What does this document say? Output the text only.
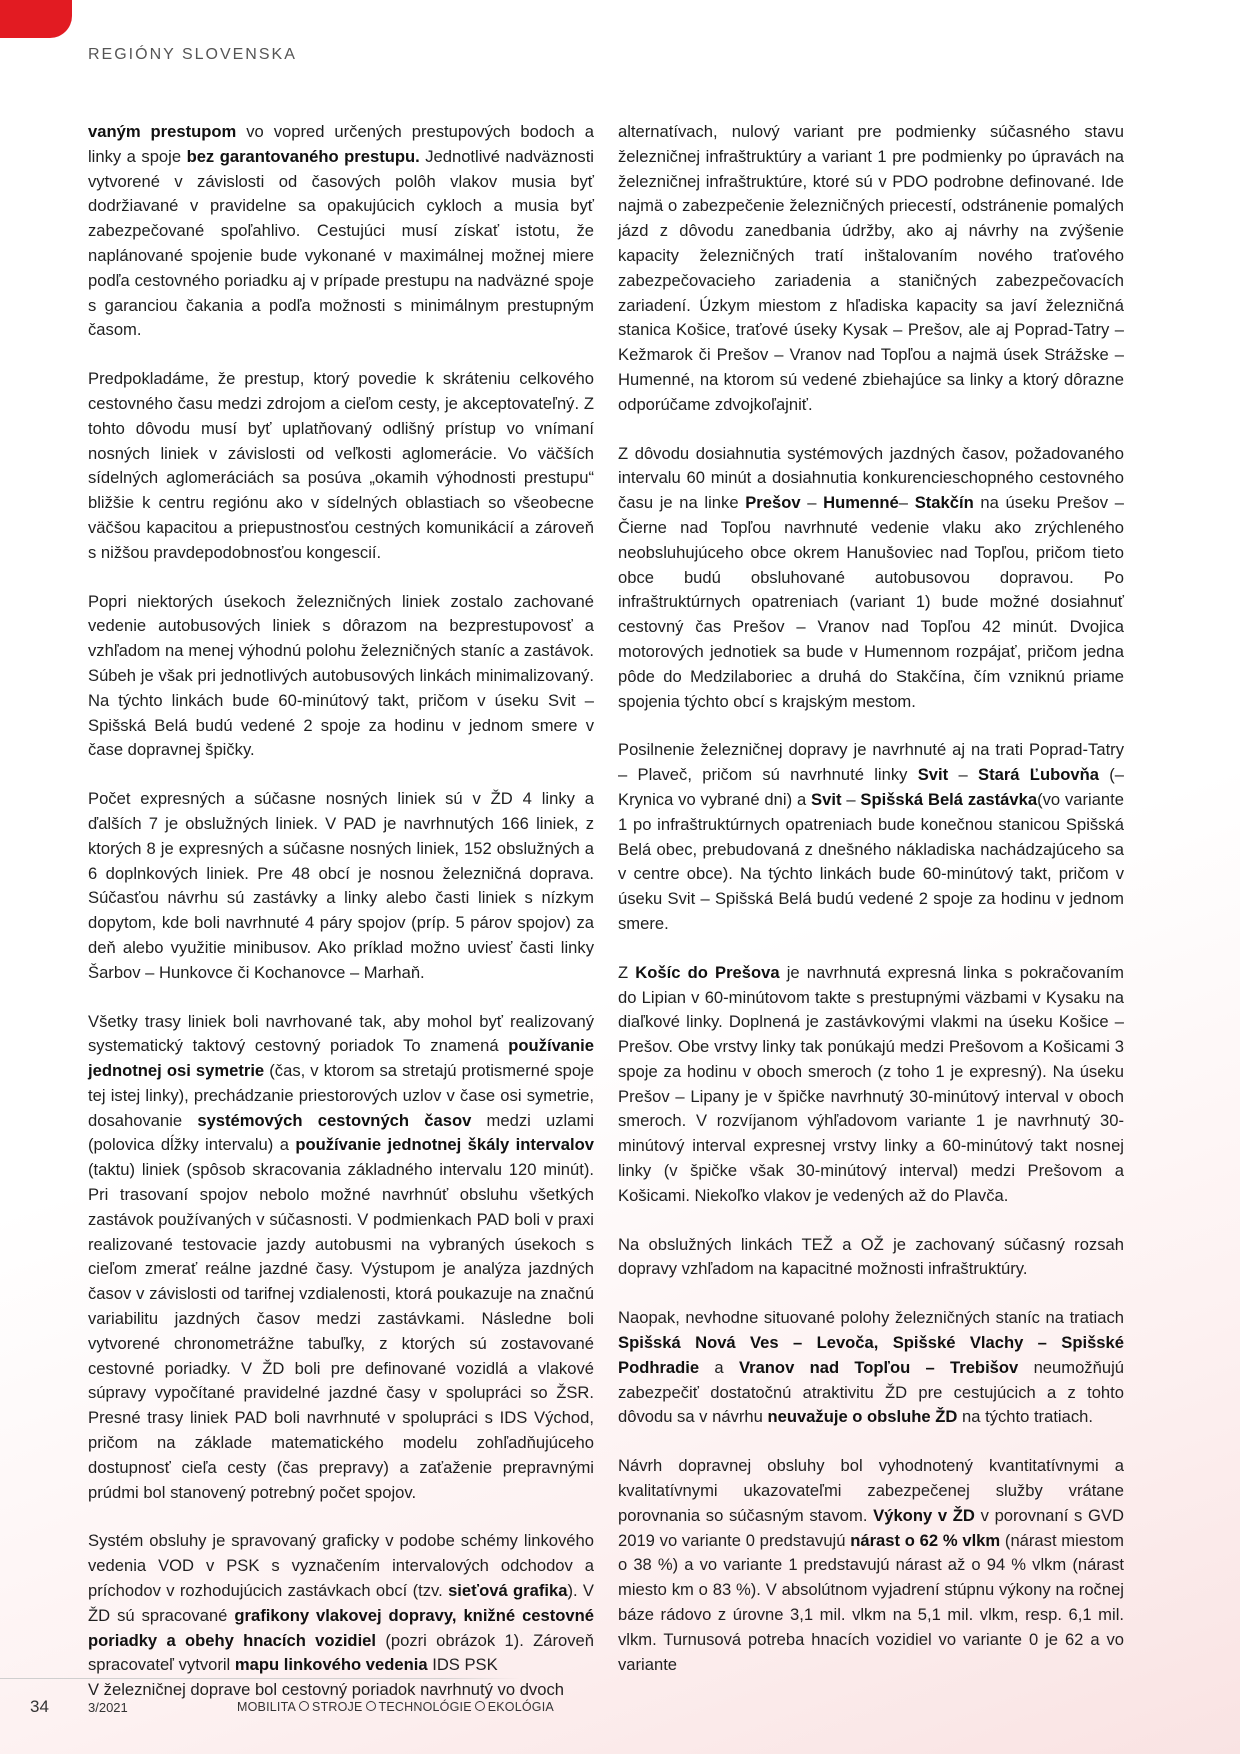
REGIÓNY SLOVENSKA

vaným prestupom vo vopred určených prestupových bodoch a linky a spoje bez garantovaného prestupu. Jednotlivé nadväznosti vytvorené v závislosti od časových polôh vlakov musia byť dodržiavané v pravidelne sa opakujúcich cykloch a musia byť zabezpečované spoľahlivo. Cestujúci musí získať istotu, že naplánované spojenie bude vykonané v maximálnej možnej miere podľa cestovného poriadku aj v prípade prestupu na nadväzné spoje s garanciou čakania a podľa možnosti s minimálnym prestupným časom.

Predpokladáme, že prestup, ktorý povedie k skráteniu celkového cestovného času medzi zdrojom a cieľom cesty, je akceptovateľný. Z tohto dôvodu musí byť uplatňovaný odlišný prístup vo vnímaní nosných liniek v závislosti od veľkosti aglomerácie. Vo väčších sídelných aglomeráciách sa posúva „okamih výhodnosti prestupu“ bližšie k centru regiónu ako v sídelných oblastiach so všeobecne väčšou kapacitou a priepustnosťou cestných komunikácií a zároveň s nižšou pravdepodobnosťou kongescií.

Popri niektorých úsekoch železničných liniek zostalo zachované vedenie autobusových liniek s dôrazom na bezprestupovosť a vzhľadom na menej výhodnú polohu železničných staníc a zastávok. Súbeh je však pri jednotlivých autobusových linkách minimalizovaný. Na týchto linkách bude 60-minútový takt, pričom v úseku Svit – Spišská Belá budú vedené 2 spoje za hodinu v jednom smere v čase dopravnej špičky.

Počet expresných a súčasne nosných liniek sú v ŽD 4 linky a ďalších 7 je obslužných liniek. V PAD je navrhnutých 166 liniek, z ktorých 8 je expresných a súčasne nosných liniek, 152 obslužných a 6 doplnkových liniek. Pre 48 obcí je nosnou železničná doprava. Súčasťou návrhu sú zastávky a linky alebo časti liniek s nízkym dopytom, kde boli navrhnuté 4 páry spojov (príp. 5 párov spojov) za deň alebo využitie minibusov. Ako príklad možno uviesť časti linky Šarbov – Hunkovce či Kochanovce – Marhaň.

Všetky trasy liniek boli navrhované tak, aby mohol byť realizovaný systematický taktový cestovný poriadok To znamená používanie jednotnej osi symetrie (čas, v ktorom sa stretajú protismerné spoje tej istej linky), prechádzanie priestorových uzlov v čase osi symetrie, dosahovanie systémových cestovných časov medzi uzlami (polovica dĺžky intervalu) a používanie jednotnej škály intervalov (taktu) liniek (spôsob skracovania základného intervalu 120 minút). Pri trasovaní spojov nebolo možné navrhnúť obsluhu všetkých zastávok používaných v súčasnosti. V podmienkach PAD boli v praxi realizované testovacie jazdy autobusmi na vybraných úsekoch s cieľom zmerať reálne jazdné časy. Výstupom je analýza jazdných časov v závislosti od tarifnej vzdialenosti, ktorá poukazuje na značnú variabilitu jazdných časov medzi zastávkami. Následne boli vytvorené chronometrážne tabuľky, z ktorých sú zostavované cestovné poriadky. V ŽD boli pre definované vozidlá a vlakové súpravy vypočítané pravidelné jazdné časy v spolupráci so ŽSR. Presné trasy liniek PAD boli navrhnuté v spolupráci s IDS Východ, pričom na základe matematického modelu zohľadňujúceho dostupnosť cieľa cesty (čas prepravy) a zaťaženie prepravnými prúdmi bol stanovený potrebný počet spojov.

Systém obsluhy je spravovaný graficky v podobe schémy linkového vedenia VOD v PSK s vyznačením intervalových odchodov a príchodov v rozhodujúcich zastávkach obcí (tzv. sieťová grafika). V ŽD sú spracované grafikony vlakovej dopravy, knižné cestovné poriadky a obehy hnacích vozidiel (pozri obrázok 1). Zároveň spracovateľ vytvoril mapu linkového vedenia IDS PSK

V železničnej doprave bol cestovný poriadok navrhnutý vo dvoch

alternatívach, nulový variant pre podmienky súčasného stavu železničnej infraštruktúry a variant 1 pre podmienky po úpravách na železničnej infraštruktúre, ktoré sú v PDO podrobne definované. Ide najmä o zabezpečenie železničných priecestí, odstránenie pomalých jázd z dôvodu zanedbania údržby, ako aj návrhy na zvýšenie kapacity železničných tratí inštalovaním nového traťového zabezpečovacieho zariadenia a staničných zabezpečovacích zariadení. Úzkym miestom z hľadiska kapacity sa javí železničná stanica Košice, traťové úseky Kysak – Prešov, ale aj Poprad-Tatry – Kežmarok či Prešov – Vranov nad Topľou a najmä úsek Strážske – Humenné, na ktorom sú vedené zbiehajúce sa linky a ktorý dôrazne odporúčame zdvojkoľajniť.

Z dôvodu dosiahnutia systémových jazdných časov, požadovaného intervalu 60 minút a dosiahnutia konkurencieschopného cestovného času je na linke Prešov – Humenné– Stakčín na úseku Prešov – Čierne nad Topľou navrhnuté vedenie vlaku ako zrýchleného neobsluhujúceho obce okrem Hanušoviec nad Topľou, pričom tieto obce budú obsluhované autobusovou dopravou. Po infraštruktúrnych opatreniach (variant 1) bude možné dosiahnuť cestovný čas Prešov – Vranov nad Topľou 42 minút. Dvojica motorových jednotiek sa bude v Humennom rozpájať, pričom jedna pôde do Medzilaboriec a druhá do Stakčína, čím vzniknú priame spojenia týchto obcí s krajským mestom.

Posilnenie železničnej dopravy je navrhnuté aj na trati Poprad-Tatry – Plaveč, pričom sú navrhnuté linky Svit – Stará Ľubovňa (– Krynica vo vybrané dni) a Svit – Spišská Belá zastávka(vo variante 1 po infraštruktúrnych opatreniach bude konečnou stanicou Spišská Belá obec, prebudovaná z dnešného nákladiska nachádzajúceho sa v centre obce). Na týchto linkách bude 60-minútový takt, pričom v úseku Svit – Spišská Belá budú vedené 2 spoje za hodinu v jednom smere.

Z Košíc do Prešova je navrhnutá expresná linka s pokračovaním do Lipian v 60-minútovom takte s prestupnými väzbami v Kysaku na diaľkové linky. Doplnená je zastávkovými vlakmi na úseku Košice – Prešov. Obe vrstvy linky tak ponúkajú medzi Prešovom a Košicami 3 spoje za hodinu v oboch smeroch (z toho 1 je expresný). Na úseku Prešov – Lipany je v špičke navrhnutý 30-minútový interval v oboch smeroch. V rozvíjanom výhľadovom variante 1 je navrhnutý 30-minútový interval expresnej vrstvy linky a 60-minútový takt nosnej linky (v špičke však 30-minútový interval) medzi Prešovom a Košicami. Niekoľko vlakov je vedených až do Plavča.

Na obslužných linkách TEŽ a OŽ je zachovaný súčasný rozsah dopravy vzhľadom na kapacitné možnosti infraštruktúry.

Naopak, nevhodne situované polohy železničných staníc na tratiach Spišská Nová Ves – Levoča, Spišské Vlachy – Spišské Podhradie a Vranov nad Topľou – Trebišov neumožňujú zabezpečiť dostatočnú atraktivitu ŽD pre cestujúcich a z tohto dôvodu sa v návrhu neuvažuje o obsluhe ŽD na týchto tratiach.

Návrh dopravnej obsluhy bol vyhodnotený kvantitatívnymi a kvalitatívnymi ukazovateľmi zabezpečenej služby vrátane porovnania so súčasným stavom. Výkony v ŽD v porovnaní s GVD 2019 vo variante 0 predstavujú nárast o 62 % vlkm (nárast miestom o 38 %) a vo variante 1 predstavujú nárast až o 94 % vlkm (nárast miesto km o 83 %). V absolútnom vyjadrení stúpnu výkony na ročnej báze rádovo z úrovne 3,1 mil. vlkm na 5,1 mil. vlkm, resp. 6,1 mil. vlkm. Turnusová potreba hnacích vozidiel vo variante 0 je 62 a vo variante

34	3/2021	MOBILITA STROJE TECHNOLÓGIE EKOLÓGIA
